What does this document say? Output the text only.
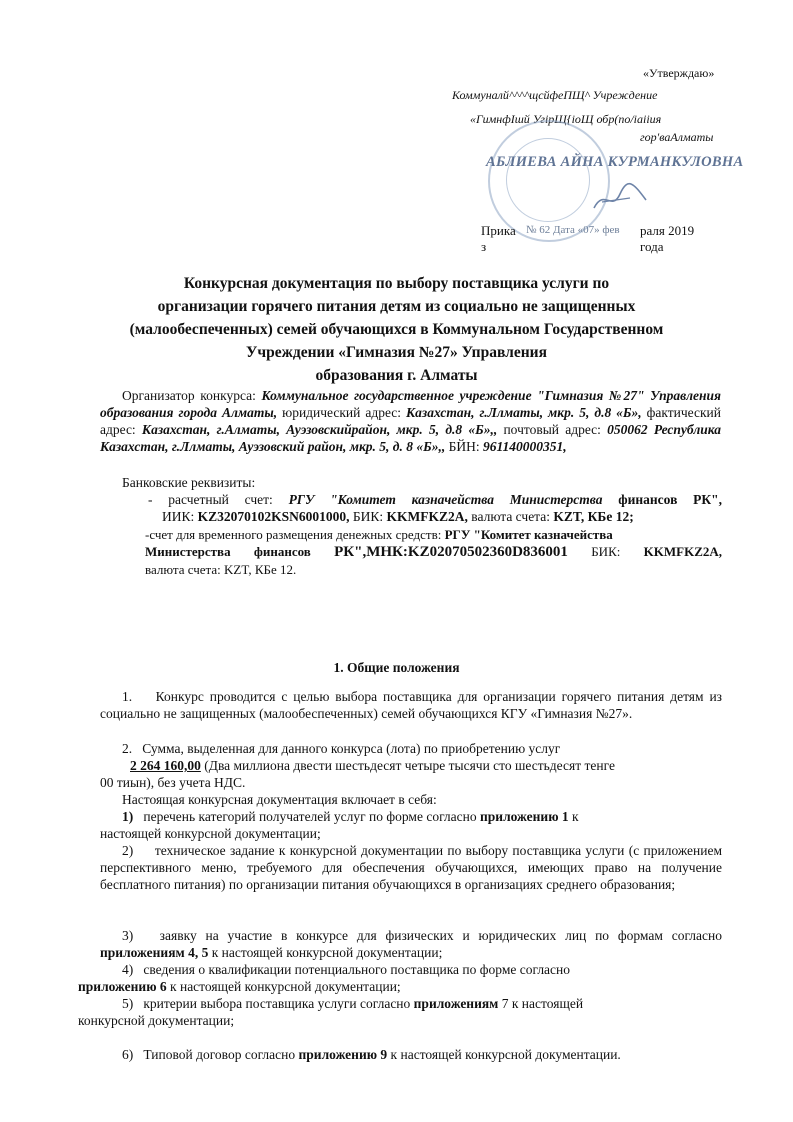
«Утверждаю»
Коммуналй^^^^щсйфеПЩ^ Учреждение
«ГимнфІшй УгірЩ{іоЩ обр(по/іаііия
гор'ваАлматы
АБЛИЕВА АЙНА КУРМАНКУЛОВНА
Прика
з
№ 62 Дата «07» фев раля 2019
года
Конкурсная документация по выбору поставщика услуги по
организации горячего питания детям из социально не защищенных
(малообеспеченных) семей обучающихся в Коммунальном Государственном
Учреждении «Гимназия №27» Управления
образования г. Алматы
Организатор конкурса: Коммунальное государственное учреждение "Гимназия №27" Управления образования города Алматы, юридический адрес: Казахстан, г.Ллматы, мкр. 5, д.8 «Б», фактический адрес: Казахстан, г.Алматы, Ауэзовскийрайон, мкр. 5, д.8 «Б»,, почтовый адрес: 050062 Республика Казахстан, г.Ллматы, Ауэзовский район, мкр. 5, д. 8 «Б»,, БЙН: 961140000351,
Банковские реквизиты:
- расчетный счет: РГУ "Комитет казначейства Министерства финансов РК",
ИИК: KZ32070102KSN6001000, БИК: KKMFKZ2A, валюта счета: KZT, КБе 12;
-счет для временного размещения денежных средств: РГУ "Комитет казначейства
Министерства финансов РК",МНК:KZ02070502360D836001 БИК: KKMFKZ2A,
валюта счета: KZT, КБе 12.
1. Общие положения
1.    Конкурс проводится с целью выбора поставщика для организации горячего питания детям из социально не защищенных (малообеспеченных) семей обучающихся КГУ «Гимназия №27».
2.   Сумма, выделенная для данного конкурса (лота) по приобретению услуг
2 264 160,00 (Два миллиона двести шестьдесят четыре тысячи сто шестьдесят тенге
00 тиын), без учета НДС.
Настоящая конкурсная документация включает в себя:
1) перечень категорий получателей услуг по форме согласно приложению 1 к
настоящей конкурсной документации;
2)     техническое задание к конкурсной документации по выбору поставщика услуги (с приложением перспективного меню, требуемого для обеспечения обучающихся, имеющих право на получение бесплатного питания) по организации питания обучающихся в организациях среднего образования;
3)   заявку на участие в конкурсе для физических и юридических лиц по формам согласно приложениям 4, 5 к настоящей конкурсной документации;
4)   сведения о квалификации потенциального поставщика по форме согласно
приложению 6 к настоящей конкурсной документации;
5)   критерии выбора поставщика услуги согласно приложениям 7 к настоящей
конкурсной документации;
6)   Типовой договор согласно приложению 9 к настоящей конкурсной документации.
